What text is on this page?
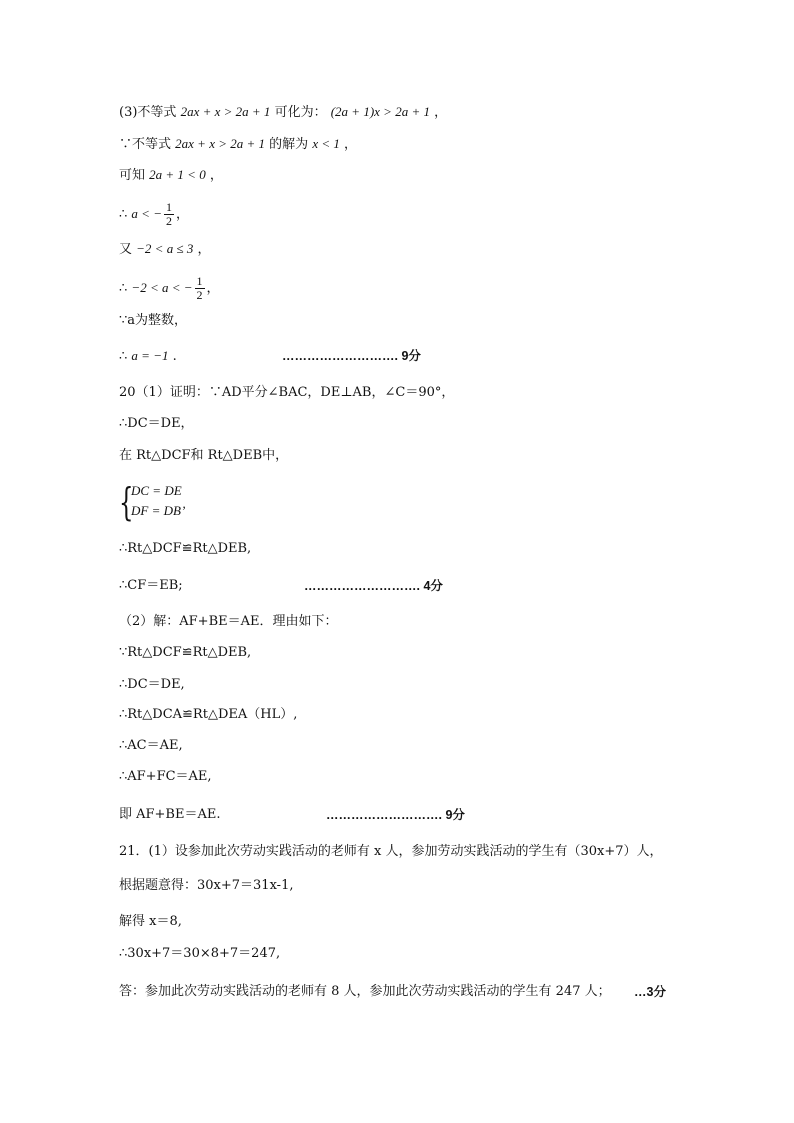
(3)不等式 2ax + x > 2a + 1 可化为： (2a + 1)x > 2a + 1 ，
∵不等式 2ax + x > 2a + 1 的解为 x < 1 ，
可知 2a + 1 < 0 ，
∴ a < − $\frac{1}{2}$ ，
又 −2 < a ≤ 3 ，
∴ −2 < a < − $\frac{1}{2}$ ，
∵a为整数，
∴ a = −1 .	………………………. 9分
20（1）证明：∵AD平分∠BAC，DE⊥AB，∠C＝90°，
∴DC＝DE，
在 Rt△DCF和 Rt△DEB中，
{
DC = DE
DF = DB’
∴Rt△DCF≌Rt△DEB,
∴CF＝EB;	………………………. 4分
（2）解：AF+BE＝AE．理由如下：
∵Rt△DCF≌Rt△DEB,
∴DC＝DE,
∴Rt△DCA≌Rt△DEA（HL）,
∴AC＝AE,
∴AF+FC＝AE,
即 AF+BE＝AE.	………………………. 9分
21．(1）设参加此次劳动实践活动的老师有 x 人，参加劳动实践活动的学生有（30x+7）人，
根据题意得：30x+7＝31x-1,
解得 x＝8,
∴30x+7＝30×8+7＝247,
答：参加此次劳动实践活动的老师有 8 人，参加此次劳动实践活动的学生有 247 人； …3分
